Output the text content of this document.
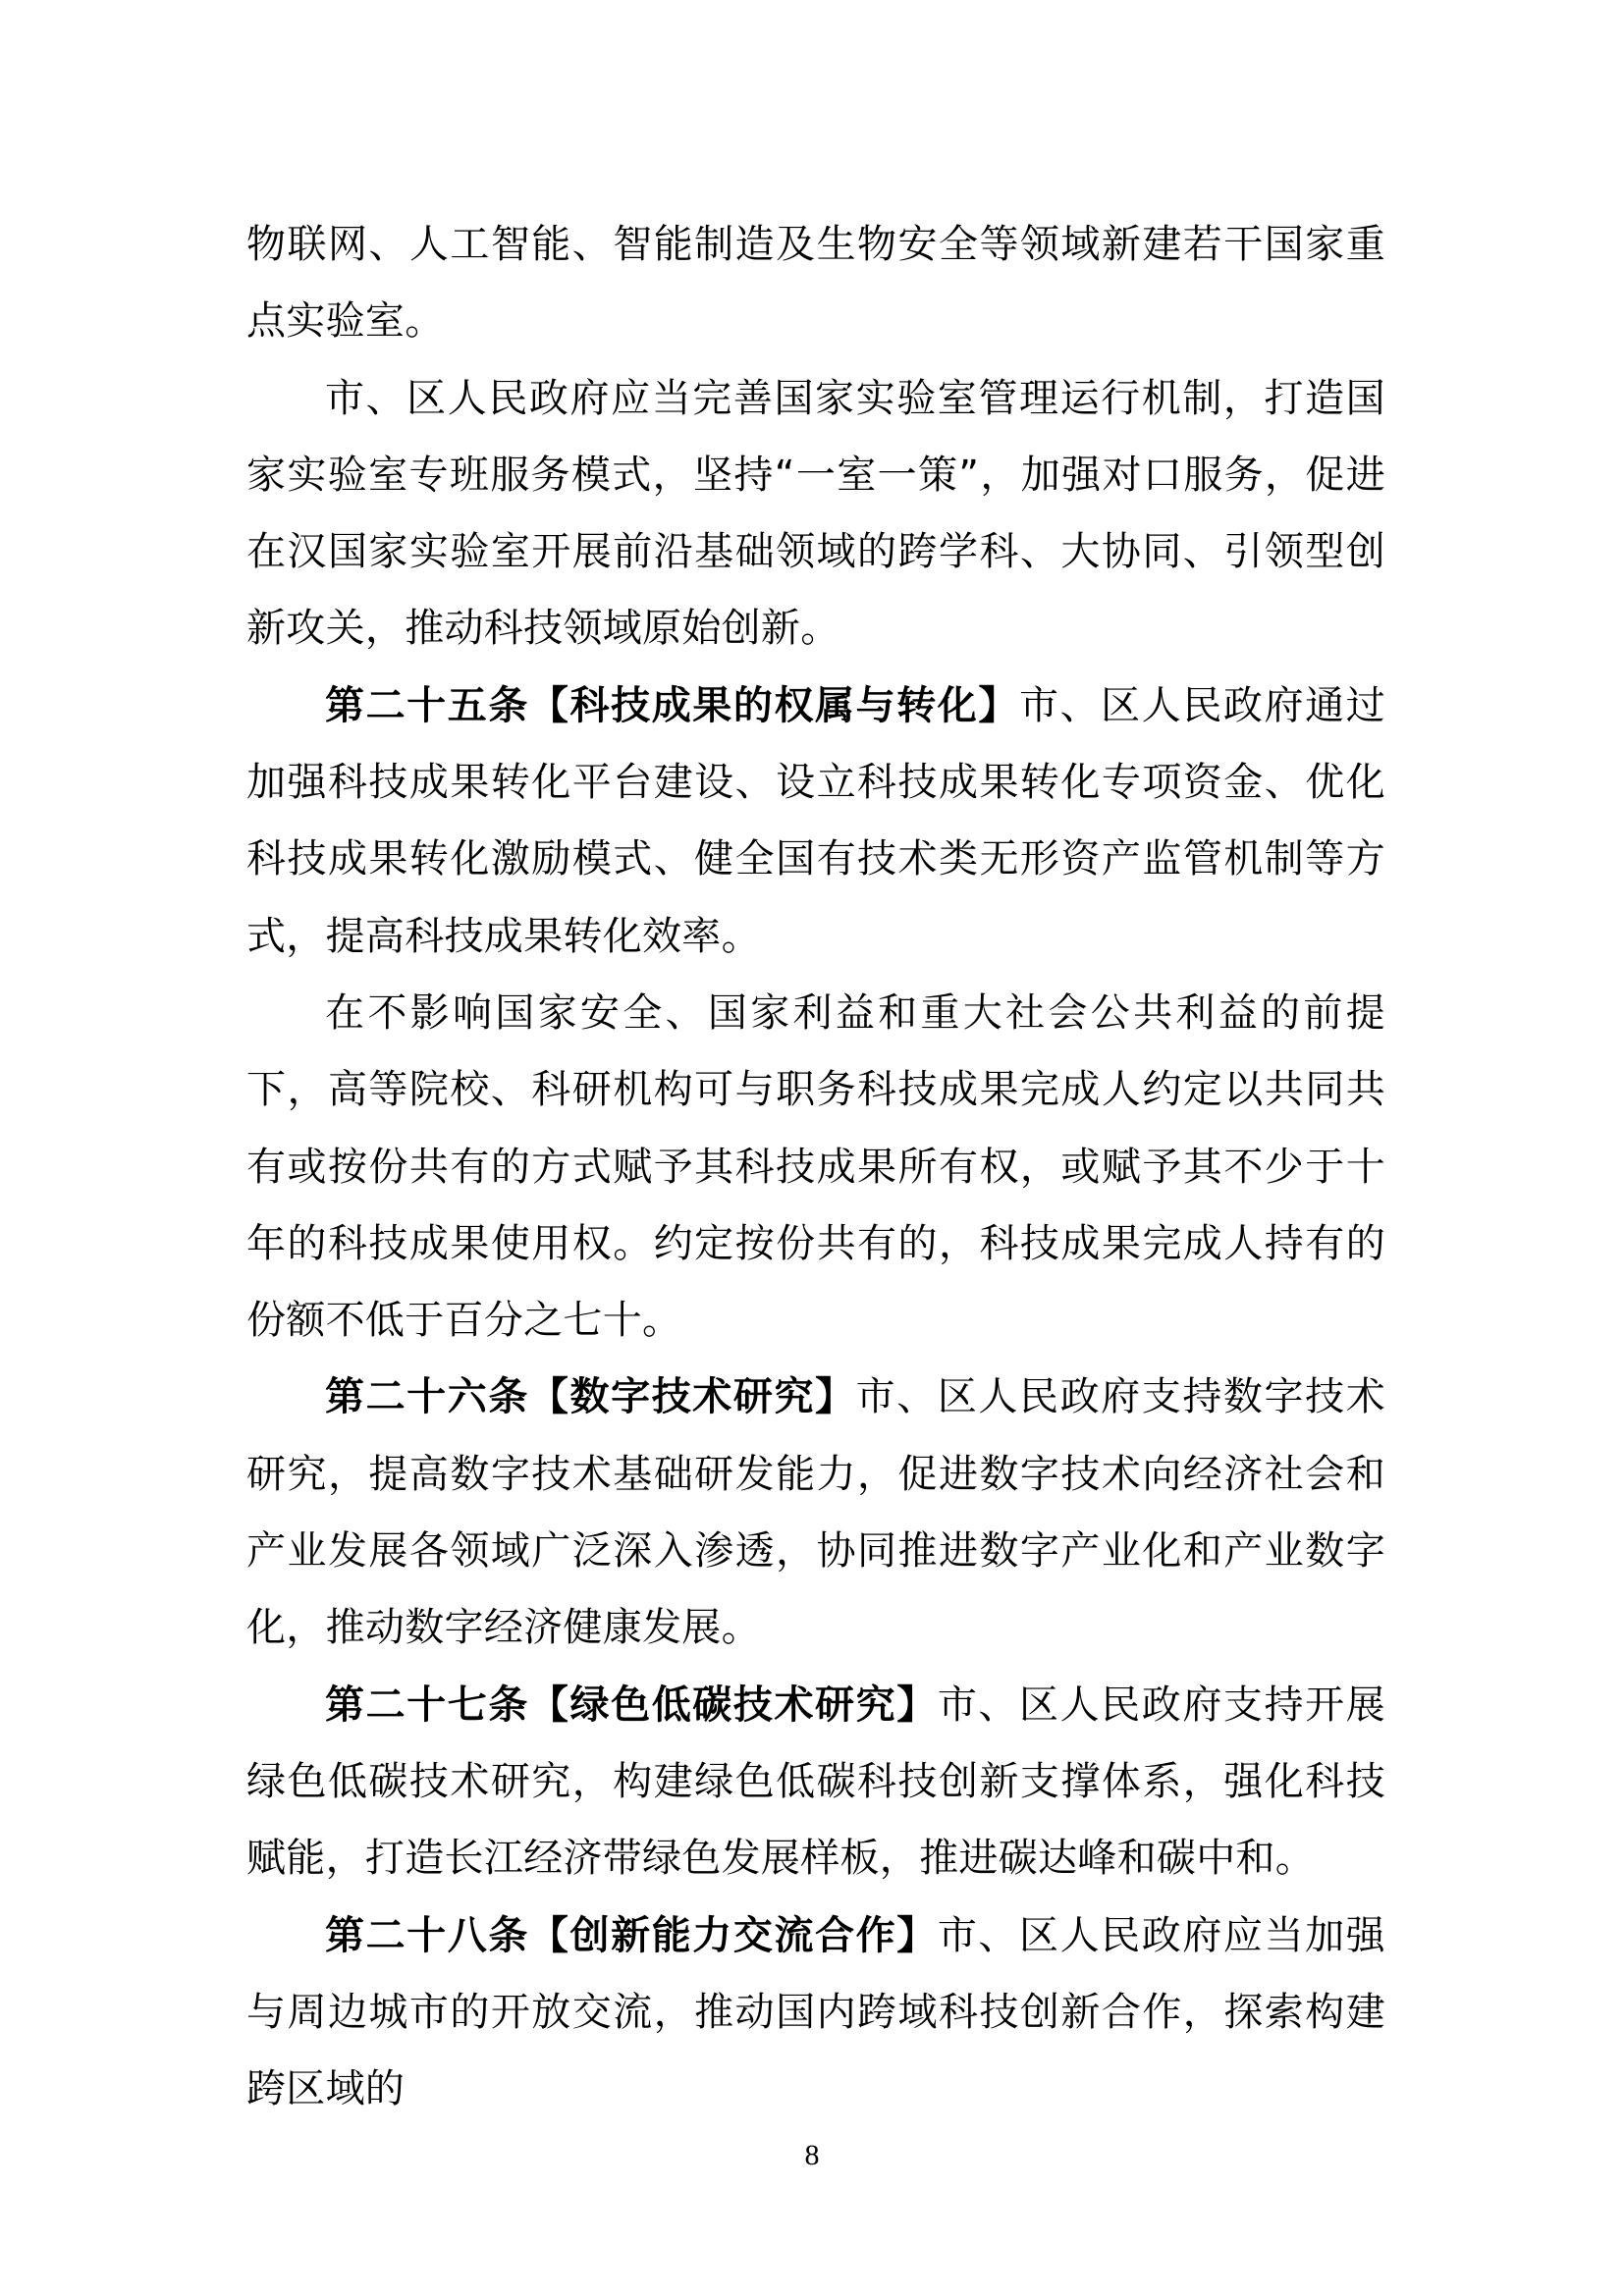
物联网、人工智能、智能制造及生物安全等领域新建若干国家重点实验室。

市、区人民政府应当完善国家实验室管理运行机制，打造国家实验室专班服务模式，坚持“一室一策”，加强对口服务，促进在汉国家实验室开展前沿基础领域的跨学科、大协同、引领型创新攻关，推动科技领域原始创新。

第二十五条【科技成果的权属与转化】市、区人民政府通过加强科技成果转化平台建设、设立科技成果转化专项资金、优化科技成果转化激励模式、健全国有技术类无形资产监管机制等方式，提高科技成果转化效率。

在不影响国家安全、国家利益和重大社会公共利益的前提下，高等院校、科研机构可与职务科技成果完成人约定以共同共有或按份共有的方式赋予其科技成果所有权，或赋予其不少于十年的科技成果使用权。约定按份共有的，科技成果完成人持有的份额不低于百分之七十。

第二十六条【数字技术研究】市、区人民政府支持数字技术研究，提高数字技术基础研发能力，促进数字技术向经济社会和产业发展各领域广泛深入渗透，协同推进数字产业化和产业数字化，推动数字经济健康发展。

第二十七条【绿色低碳技术研究】市、区人民政府支持开展绿色低碳技术研究，构建绿色低碳科技创新支撑体系，强化科技赋能，打造长江经济带绿色发展样板，推进碳达峰和碳中和。

第二十八条【创新能力交流合作】市、区人民政府应当加强与周边城市的开放交流，推动国内跨域科技创新合作，探索构建跨区域的

8
